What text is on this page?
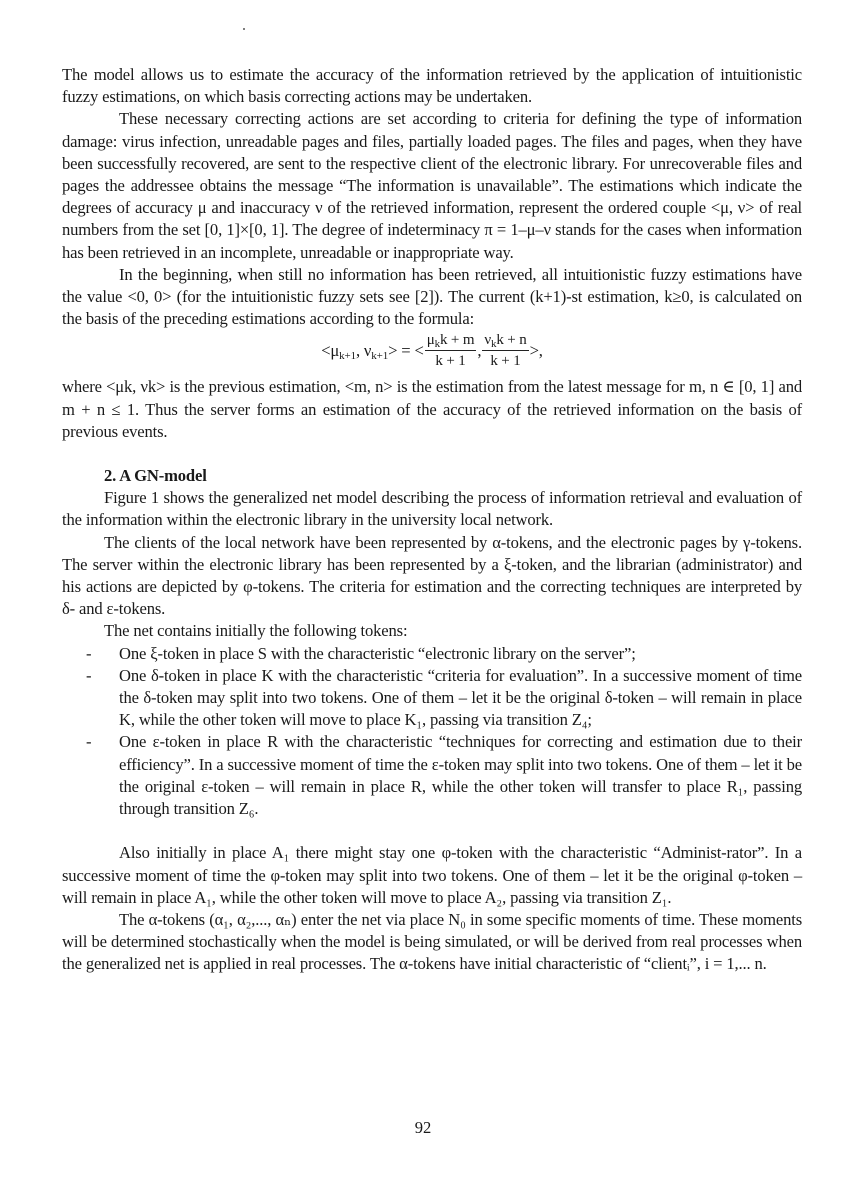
The model allows us to estimate the accuracy of the information retrieved by the application of intuitionistic fuzzy estimations, on which basis correcting actions may be undertaken.

These necessary correcting actions are set according to criteria for defining the type of information damage: virus infection, unreadable pages and files, partially loaded pages. The files and pages, when they have been successfully recovered, are sent to the respective client of the electronic library. For unrecoverable files and pages the addressee obtains the message “The information is unavailable”. The estimations which indicate the degrees of accuracy μ and inaccuracy ν of the retrieved information, represent the ordered couple <μ, ν> of real numbers from the set [0, 1]×[0, 1]. The degree of indeterminacy π = 1–μ–ν stands for the cases when information has been retrieved in an incomplete, unreadable or inappropriate way.

In the beginning, when still no information has been retrieved, all intuitionistic fuzzy estimations have the value <0, 0> (for the intuitionistic fuzzy sets see [2]). The current (k+1)-st estimation, k≥0, is calculated on the basis of the preceding estimations according to the formula:

$<\mu_{k+1}$, $\nu_{k+1}>$ = < $\frac{\mu_kk + m}{k + 1}$ , $\frac{\nu_kk + n}{k + 1}$ >,

where <μk, νk> is the previous estimation, <m, n> is the estimation from the latest message for m, n ∈ [0, 1] and m + n ≤ 1. Thus the server forms an estimation of the accuracy of the retrieved information on the basis of previous events.

2. A GN-model

Figure 1 shows the generalized net model describing the process of information retrieval and evaluation of the information within the electronic library in the university local network.

The clients of the local network have been represented by α-tokens, and the electronic pages by γ-tokens. The server within the electronic library has been represented by a ξ-token, and the librarian (administrator) and his actions are depicted by φ-tokens. The criteria for estimation and the correcting techniques are interpreted by δ- and ε-tokens.

The net contains initially the following tokens:

- One ξ-token in place S with the characteristic “electronic library on the server”;
- One δ-token in place K with the characteristic “criteria for evaluation”. In a successive moment of time the δ-token may split into two tokens. One of them – let it be the original δ-token – will remain in place K, while the other token will move to place K₁, passing via transition Z₄;
- One ε-token in place R with the characteristic “techniques for correcting and estimation due to their efficiency”. In a successive moment of time the ε-token may split into two tokens. One of them – let it be the original ε-token – will remain in place R, while the other token will transfer to place R₁, passing through transition Z₆.

Also initially in place A₁ there might stay one φ-token with the characteristic “Administ-rator”. In a successive moment of time the φ-token may split into two tokens. One of them – let it be the original φ-token – will remain in place A₁, while the other token will move to place A₂, passing via transition Z₁.

The α-tokens (α₁, α₂,..., αₙ) enter the net via place N₀ in some specific moments of time. These moments will be determined stochastically when the model is being simulated, or will be derived from real processes when the generalized net is applied in real processes. The α-tokens have initial characteristic of “clientᵢ”, i = 1,... n.

92
